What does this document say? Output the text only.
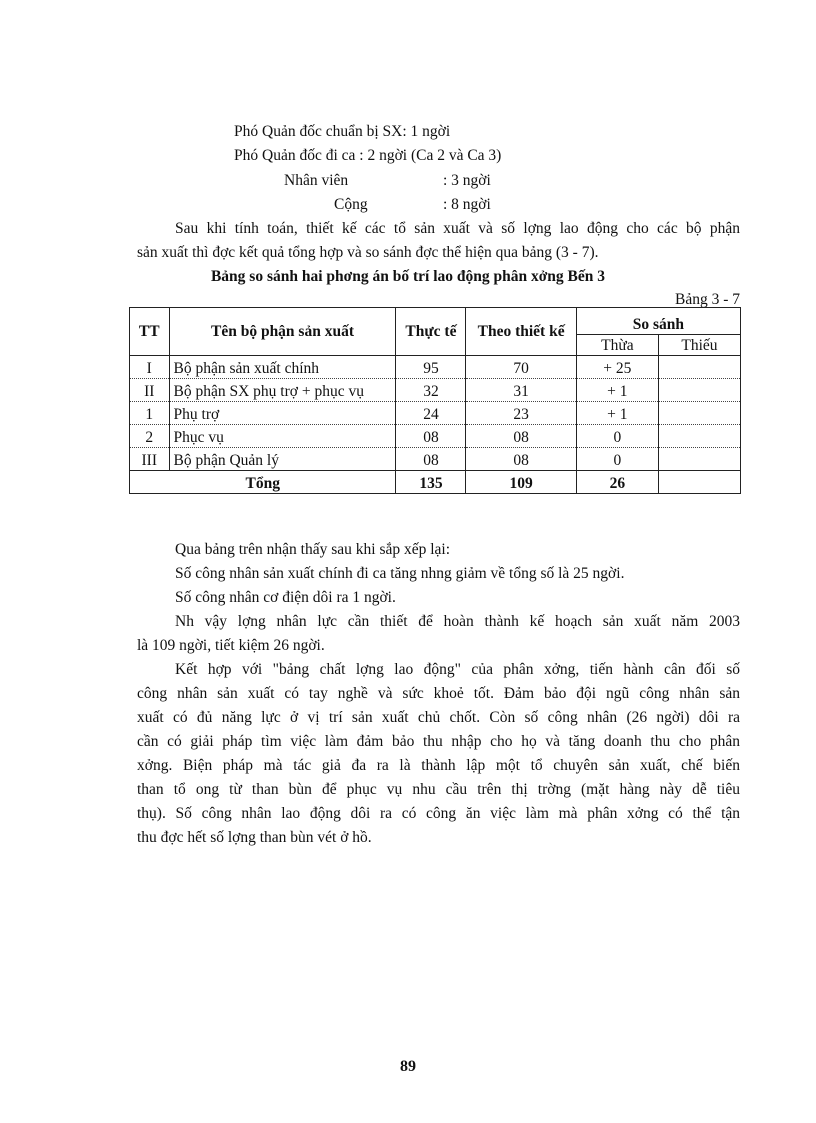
Phó Quản đốc chuẩn bị SX: 1 ngời
Phó Quản đốc đi ca : 2 ngời (Ca 2 và Ca 3)
Nhân viên	: 3 ngời
Cộng	: 8 ngời
Sau khi tính toán, thiết kế các tổ sản xuất và số lợng lao động cho các bộ phận
sản xuất thì đợc kết quả tổng hợp và so sánh đợc thể hiện qua bảng (3 - 7).
Bảng so sánh hai phơng án bố trí lao động phân xởng Bến 3
Bảng 3 - 7
TT	Tên bộ phận sản xuất	Thực tế	Theo thiết kế	So sánh	
				Thừa	Thiếu
I	Bộ phận sản xuất chính	95	70	+ 25	
II	Bộ phận SX phụ trợ + phục vụ	32	31	+ 1	
1	Phụ trợ	24	23	+ 1	
2	Phục vụ	08	08	0	
III	Bộ phận Quản lý	08	08	0	
Tổng		135	109	26	
Qua bảng trên nhận thấy sau khi sắp xếp lại:
Số công nhân sản xuất chính đi ca tăng nhng giảm về tổng số là 25 ngời.
Số công nhân cơ điện dôi ra 1 ngời.
Nh vậy lợng nhân lực cần thiết để hoàn thành kế hoạch sản xuất năm 2003
là 109 ngời, tiết kiệm 26 ngời.
Kết hợp với "bảng chất lợng lao động" của phân xởng, tiến hành cân đối số
công nhân sản xuất có tay nghề và sức khoẻ tốt. Đảm bảo đội ngũ công nhân sản
xuất có đủ năng lực ở vị trí sản xuất chủ chốt. Còn số công nhân (26 ngời) dôi ra
cần có giải pháp tìm việc làm đảm bảo thu nhập cho họ và tăng doanh thu cho phân
xởng. Biện pháp mà tác giả đa ra là thành lập một tổ chuyên sản xuất, chế biến
than tổ ong từ than bùn để phục vụ nhu cầu trên thị trờng (mặt hàng này dễ tiêu
thụ). Số công nhân lao động dôi ra có công ăn việc làm mà phân xởng có thể tận
thu đợc hết số lợng than bùn vét ở hồ.
89
